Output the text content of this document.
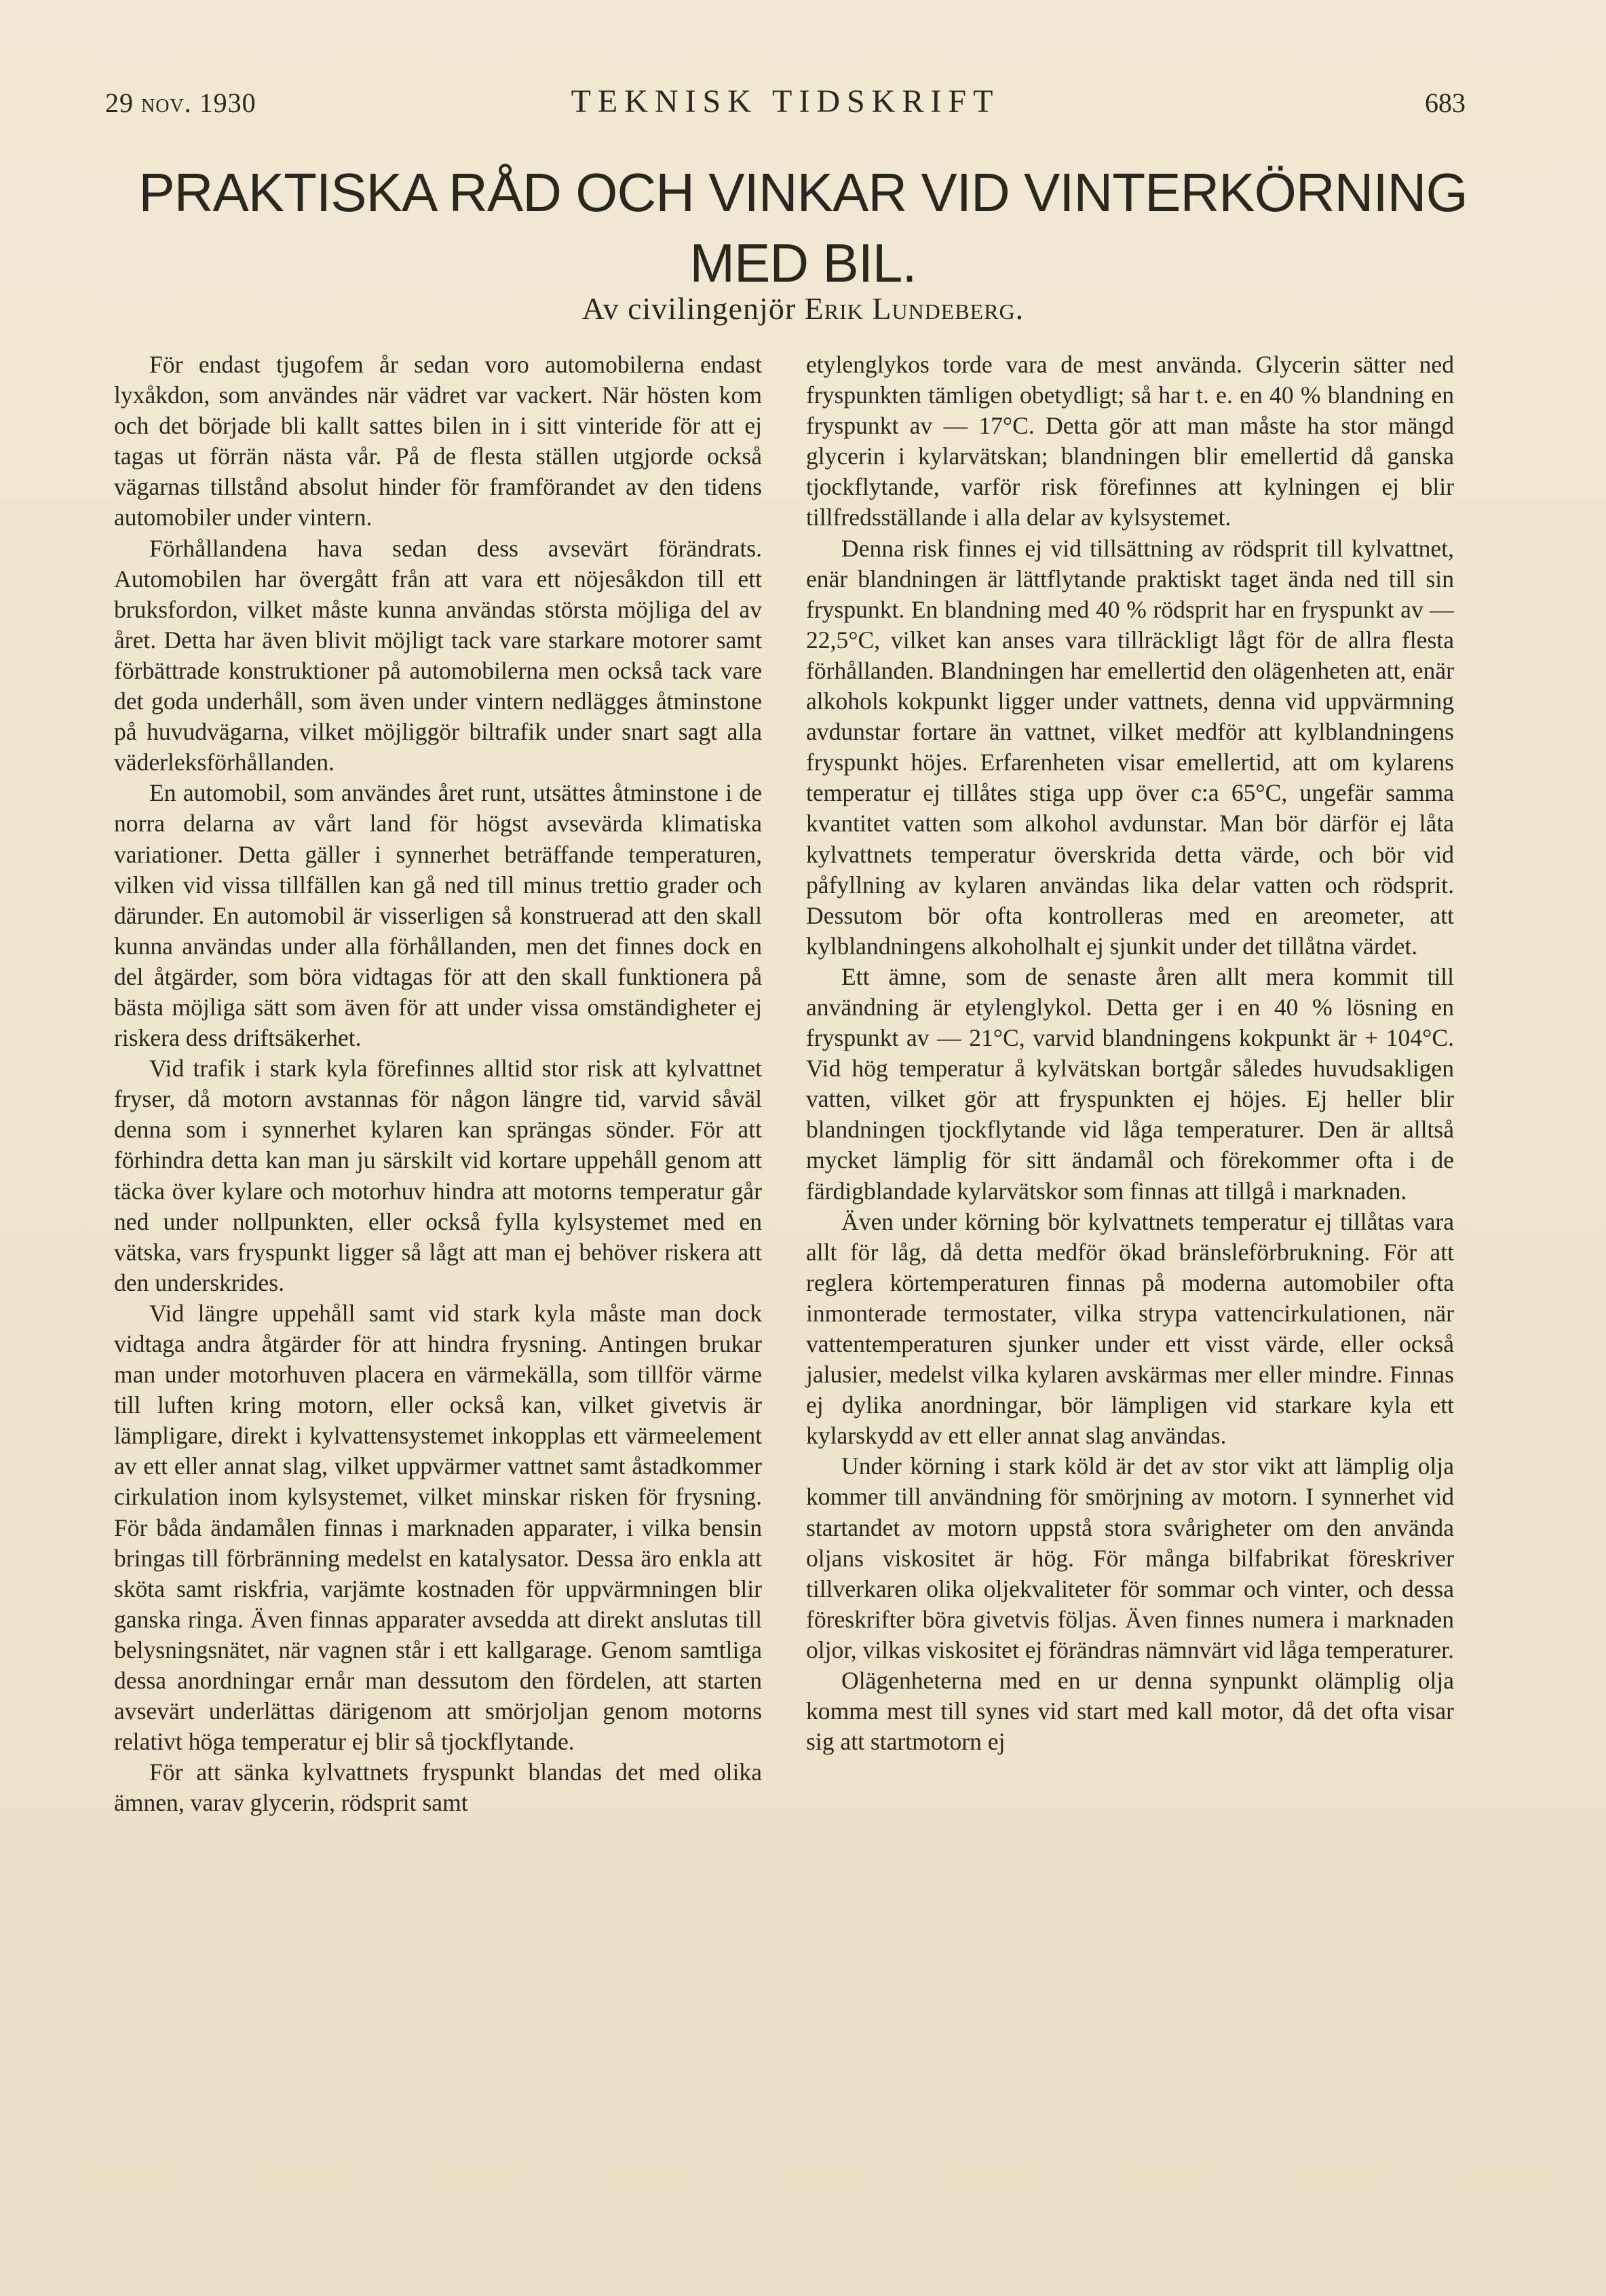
29 nov. 1930	TEKNISK TIDSKRIFT	683
PRAKTISKA RÅD OCH VINKAR VID VINTERKÖRNING
MED BIL.
Av civilingenjör Erik Lundeberg.

För endast tjugofem år sedan voro automobilerna endast lyxåkdon, som användes när vädret var vackert. När hösten kom och det började bli kallt sattes bilen in i sitt vinteride för att ej tagas ut förrän nästa vår. På de flesta ställen utgjorde också vägarnas tillstånd absolut hinder för framförandet av den tidens automobiler under vintern.

Förhållandena hava sedan dess avsevärt förändrats. Automobilen har övergått från att vara ett nöjesåkdon till ett bruksfordon, vilket måste kunna användas största möjliga del av året. Detta har även blivit möjligt tack vare starkare motorer samt förbättrade konstruktioner på automobilerna men också tack vare det goda underhåll, som även under vintern nedlägges åtminstone på huvudvägarna, vilket möjliggör biltrafik under snart sagt alla väderleksförhållanden.

En automobil, som användes året runt, utsättes åtminstone i de norra delarna av vårt land för högst avsevärda klimatiska variationer. Detta gäller i synnerhet beträffande temperaturen, vilken vid vissa tillfällen kan gå ned till minus trettio grader och därunder. En automobil är visserligen så konstruerad att den skall kunna användas under alla förhållanden, men det finnes dock en del åtgärder, som böra vidtagas för att den skall funktionera på bästa möjliga sätt som även för att under vissa omständigheter ej riskera dess driftsäkerhet.

Vid trafik i stark kyla förefinnes alltid stor risk att kylvattnet fryser, då motorn avstannas för någon längre tid, varvid såväl denna som i synnerhet kylaren kan sprängas sönder. För att förhindra detta kan man ju särskilt vid kortare uppehåll genom att täcka över kylare och motorhuv hindra att motorns temperatur går ned under nollpunkten, eller också fylla kylsystemet med en vätska, vars fryspunkt ligger så lågt att man ej behöver riskera att den underskrides.

Vid längre uppehåll samt vid stark kyla måste man dock vidtaga andra åtgärder för att hindra frysning. Antingen brukar man under motorhuven placera en värmekälla, som tillför värme till luften kring motorn, eller också kan, vilket givetvis är lämpligare, direkt i kylvattensystemet inkopplas ett värmeelement av ett eller annat slag, vilket uppvärmer vattnet samt åstadkommer cirkulation inom kylsystemet, vilket minskar risken för frysning. För båda ändamålen finnas i marknaden apparater, i vilka bensin bringas till förbränning medelst en katalysator. Dessa äro enkla att sköta samt riskfria, varjämte kostnaden för uppvärmningen blir ganska ringa. Även finnas apparater avsedda att direkt anslutas till belysningsnätet, när vagnen står i ett kallgarage. Genom samtliga dessa anordningar ernår man dessutom den fördelen, att starten avsevärt underlättas därigenom att smörjoljan genom motorns relativt höga temperatur ej blir så tjockflytande.

För att sänka kylvattnets fryspunkt blandas det med olika ämnen, varav glycerin, rödsprit samt

etylenglykos torde vara de mest använda. Glycerin sätter ned fryspunkten tämligen obetydligt; så har t. e. en 40 % blandning en fryspunkt av — 17°C. Detta gör att man måste ha stor mängd glycerin i kylarvätskan; blandningen blir emellertid då ganska tjockflytande, varför risk förefinnes att kylningen ej blir tillfredsställande i alla delar av kylsystemet.

Denna risk finnes ej vid tillsättning av rödsprit till kylvattnet, enär blandningen är lättflytande praktiskt taget ända ned till sin fryspunkt. En blandning med 40 % rödsprit har en fryspunkt av — 22,5°C, vilket kan anses vara tillräckligt lågt för de allra flesta förhållanden. Blandningen har emellertid den olägenheten att, enär alkohols kokpunkt ligger under vattnets, denna vid uppvärmning avdunstar fortare än vattnet, vilket medför att kylblandningens fryspunkt höjes. Erfarenheten visar emellertid, att om kylarens temperatur ej tillåtes stiga upp över c:a 65°C, ungefär samma kvantitet vatten som alkohol avdunstar. Man bör därför ej låta kylvattnets temperatur överskrida detta värde, och bör vid påfyllning av kylaren användas lika delar vatten och rödsprit. Dessutom bör ofta kontrolleras med en areometer, att kylblandningens alkoholhalt ej sjunkit under det tillåtna värdet.

Ett ämne, som de senaste åren allt mera kommit till användning är etylenglykol. Detta ger i en 40 % lösning en fryspunkt av — 21°C, varvid blandningens kokpunkt är + 104°C. Vid hög temperatur å kylvätskan bortgår således huvudsakligen vatten, vilket gör att fryspunkten ej höjes. Ej heller blir blandningen tjockflytande vid låga temperaturer. Den är alltså mycket lämplig för sitt ändamål och förekommer ofta i de färdigblandade kylarvätskor som finnas att tillgå i marknaden.

Även under körning bör kylvattnets temperatur ej tillåtas vara allt för låg, då detta medför ökad bränsleförbrukning. För att reglera körtemperaturen finnas på moderna automobiler ofta inmonterade termostater, vilka strypa vattencirkulationen, när vattentemperaturen sjunker under ett visst värde, eller också jalusier, medelst vilka kylaren avskärmas mer eller mindre. Finnas ej dylika anordningar, bör lämpligen vid starkare kyla ett kylarskydd av ett eller annat slag användas.

Under körning i stark köld är det av stor vikt att lämplig olja kommer till användning för smörjning av motorn. I synnerhet vid startandet av motorn uppstå stora svårigheter om den använda oljans viskositet är hög. För många bilfabrikat föreskriver tillverkaren olika oljekvaliteter för sommar och vinter, och dessa föreskrifter böra givetvis följas. Även finnes numera i marknaden oljor, vilkas viskositet ej förändras nämnvärt vid låga temperaturer.

Olägenheterna med en ur denna synpunkt olämplig olja komma mest till synes vid start med kall motor, då det ofta visar sig att startmotorn ej
